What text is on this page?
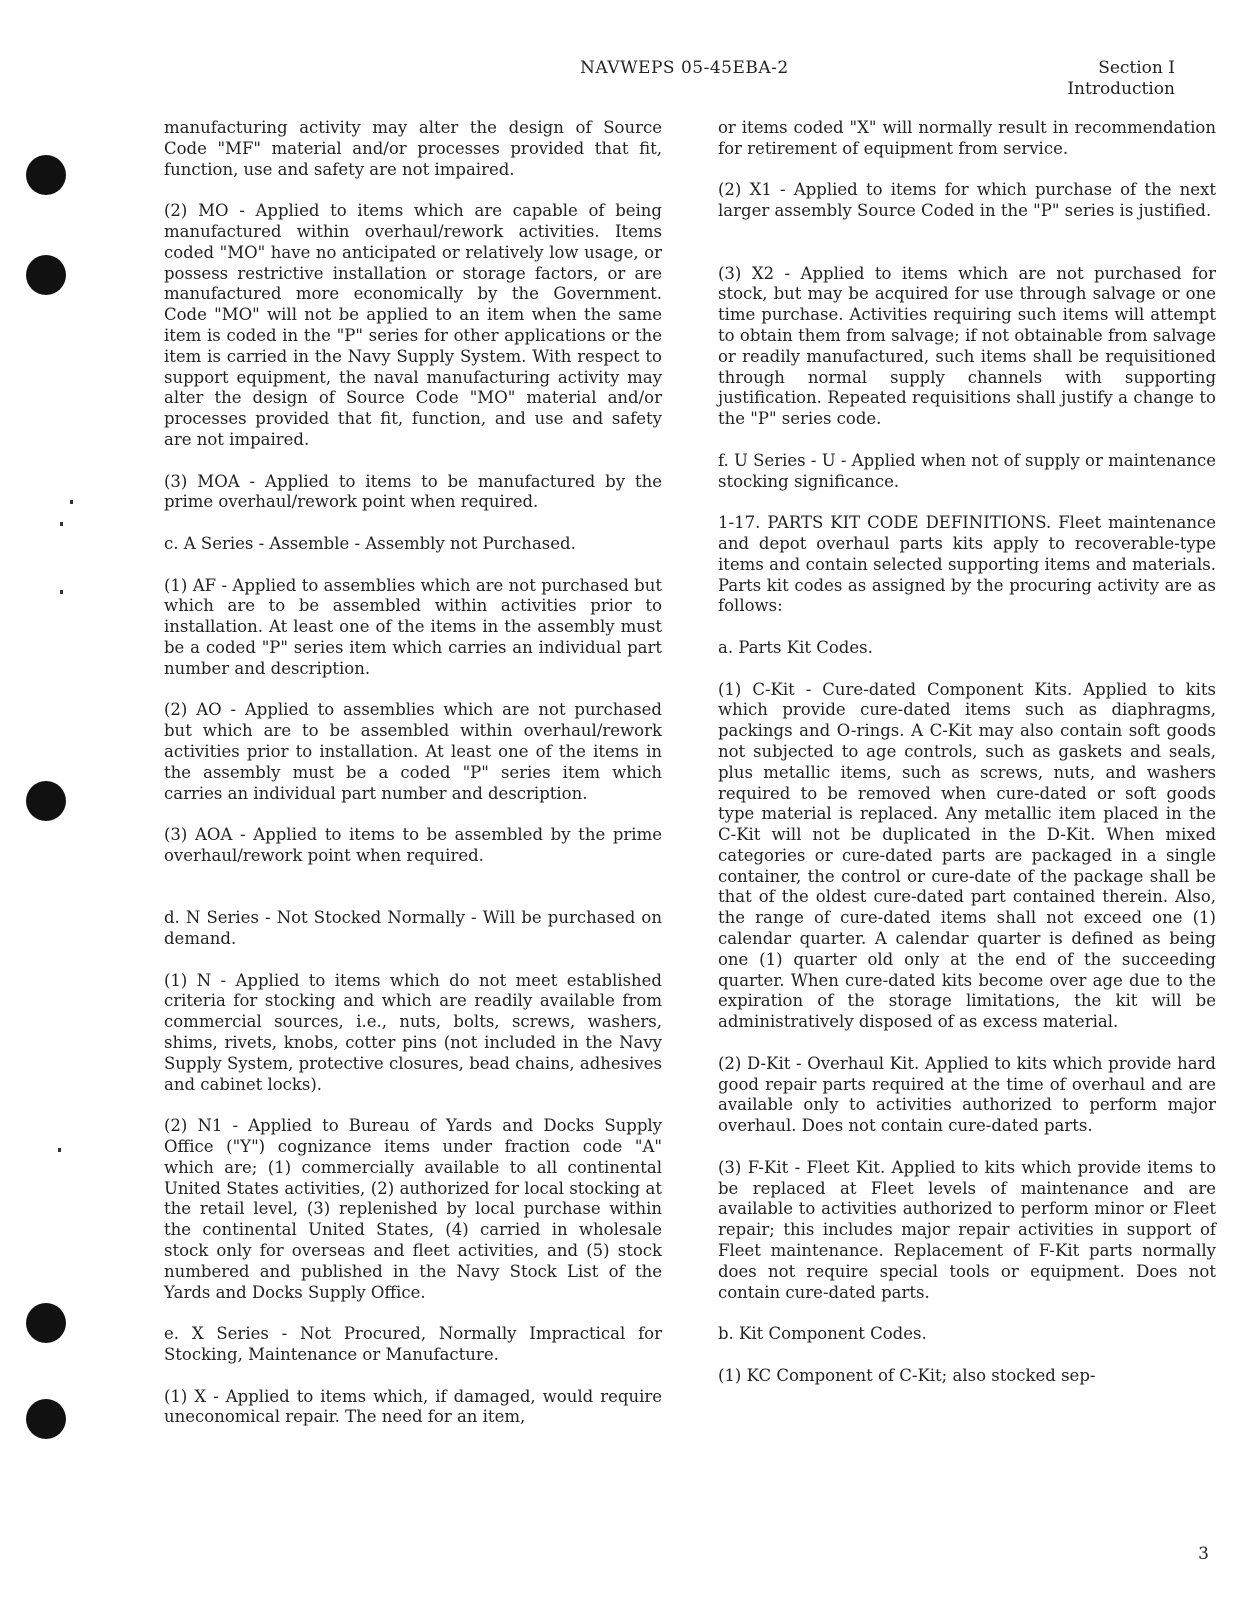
NAVWEPS 05-45EBA-2	Section I
Introduction

manufacturing activity may alter the design of Source Code "MF" material and/or processes provided that fit, function, use and safety are not impaired.

(2) MO - Applied to items which are capable of being manufactured within overhaul/rework activities. Items coded "MO" have no anticipated or relatively low usage, or possess restrictive installation or storage factors, or are manufactured more economically by the Government. Code "MO" will not be applied to an item when the same item is coded in the "P" series for other applications or the item is carried in the Navy Supply System. With respect to support equipment, the naval manufacturing activity may alter the design of Source Code "MO" material and/or processes provided that fit, function, and use and safety are not impaired.

(3) MOA - Applied to items to be manufactured by the prime overhaul/rework point when required.

c. A Series - Assemble - Assembly not Purchased.

(1) AF - Applied to assemblies which are not purchased but which are to be assembled within activities prior to installation. At least one of the items in the assembly must be a coded "P" series item which carries an individual part number and description.

(2) AO - Applied to assemblies which are not purchased but which are to be assembled within overhaul/rework activities prior to installation. At least one of the items in the assembly must be a coded "P" series item which carries an individual part number and description.

(3) AOA - Applied to items to be assembled by the prime overhaul/rework point when required.

d. N Series - Not Stocked Normally - Will be purchased on demand.

(1) N - Applied to items which do not meet established criteria for stocking and which are readily available from commercial sources, i.e., nuts, bolts, screws, washers, shims, rivets, knobs, cotter pins (not included in the Navy Supply System, protective closures, bead chains, adhesives and cabinet locks).

(2) N1 - Applied to Bureau of Yards and Docks Supply Office ("Y") cognizance items under fraction code "A" which are; (1) commercially available to all continental United States activities, (2) authorized for local stocking at the retail level, (3) replenished by local purchase within the continental United States, (4) carried in wholesale stock only for overseas and fleet activities, and (5) stock numbered and published in the Navy Stock List of the Yards and Docks Supply Office.

e. X Series - Not Procured, Normally Impractical for Stocking, Maintenance or Manufacture.

(1) X - Applied to items which, if damaged, would require uneconomical repair. The need for an item,

or items coded "X" will normally result in recommendation for retirement of equipment from service.

(2) X1 - Applied to items for which purchase of the next larger assembly Source Coded in the "P" series is justified.

(3) X2 - Applied to items which are not purchased for stock, but may be acquired for use through salvage or one time purchase. Activities requiring such items will attempt to obtain them from salvage; if not obtainable from salvage or readily manufactured, such items shall be requisitioned through normal supply channels with supporting justification. Repeated requisitions shall justify a change to the "P" series code.

f. U Series - U - Applied when not of supply or maintenance stocking significance.

1-17. PARTS KIT CODE DEFINITIONS. Fleet maintenance and depot overhaul parts kits apply to recoverable-type items and contain selected supporting items and materials. Parts kit codes as assigned by the procuring activity are as follows:

a. Parts Kit Codes.

(1) C-Kit - Cure-dated Component Kits. Applied to kits which provide cure-dated items such as diaphragms, packings and O-rings. A C-Kit may also contain soft goods not subjected to age controls, such as gaskets and seals, plus metallic items, such as screws, nuts, and washers required to be removed when cure-dated or soft goods type material is replaced. Any metallic item placed in the C-Kit will not be duplicated in the D-Kit. When mixed categories or cure-dated parts are packaged in a single container, the control or cure-date of the package shall be that of the oldest cure-dated part contained therein. Also, the range of cure-dated items shall not exceed one (1) calendar quarter. A calendar quarter is defined as being one (1) quarter old only at the end of the succeeding quarter. When cure-dated kits become over age due to the expiration of the storage limitations, the kit will be administratively disposed of as excess material.

(2) D-Kit - Overhaul Kit. Applied to kits which provide hard good repair parts required at the time of overhaul and are available only to activities authorized to perform major overhaul. Does not contain cure-dated parts.

(3) F-Kit - Fleet Kit. Applied to kits which provide items to be replaced at Fleet levels of maintenance and are available to activities authorized to perform minor or Fleet repair; this includes major repair activities in support of Fleet maintenance. Replacement of F-Kit parts normally does not require special tools or equipment. Does not contain cure-dated parts.

b. Kit Component Codes.

(1) KC Component of C-Kit; also stocked sep-

3
